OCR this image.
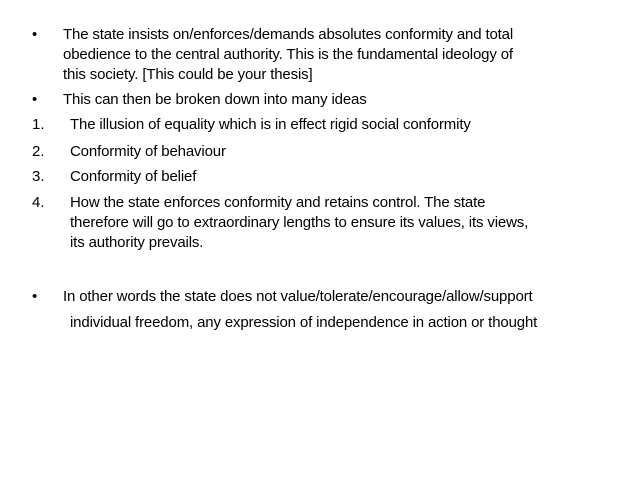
• The state insists on/enforces/demands absolutes conformity and total
obedience to the central authority. This is the fundamental ideology of
this society. [This could be your thesis]
• This can then be broken down into many ideas
1. The illusion of equality which is in effect rigid social conformity
2. Conformity of behaviour
3. Conformity of belief
4. How the state enforces conformity and retains control. The state
therefore will go to extraordinary lengths to ensure its values, its views,
its authority prevails.
• In other words the state does not value/tolerate/encourage/allow/support
individual freedom, any expression of independence in action or thought
